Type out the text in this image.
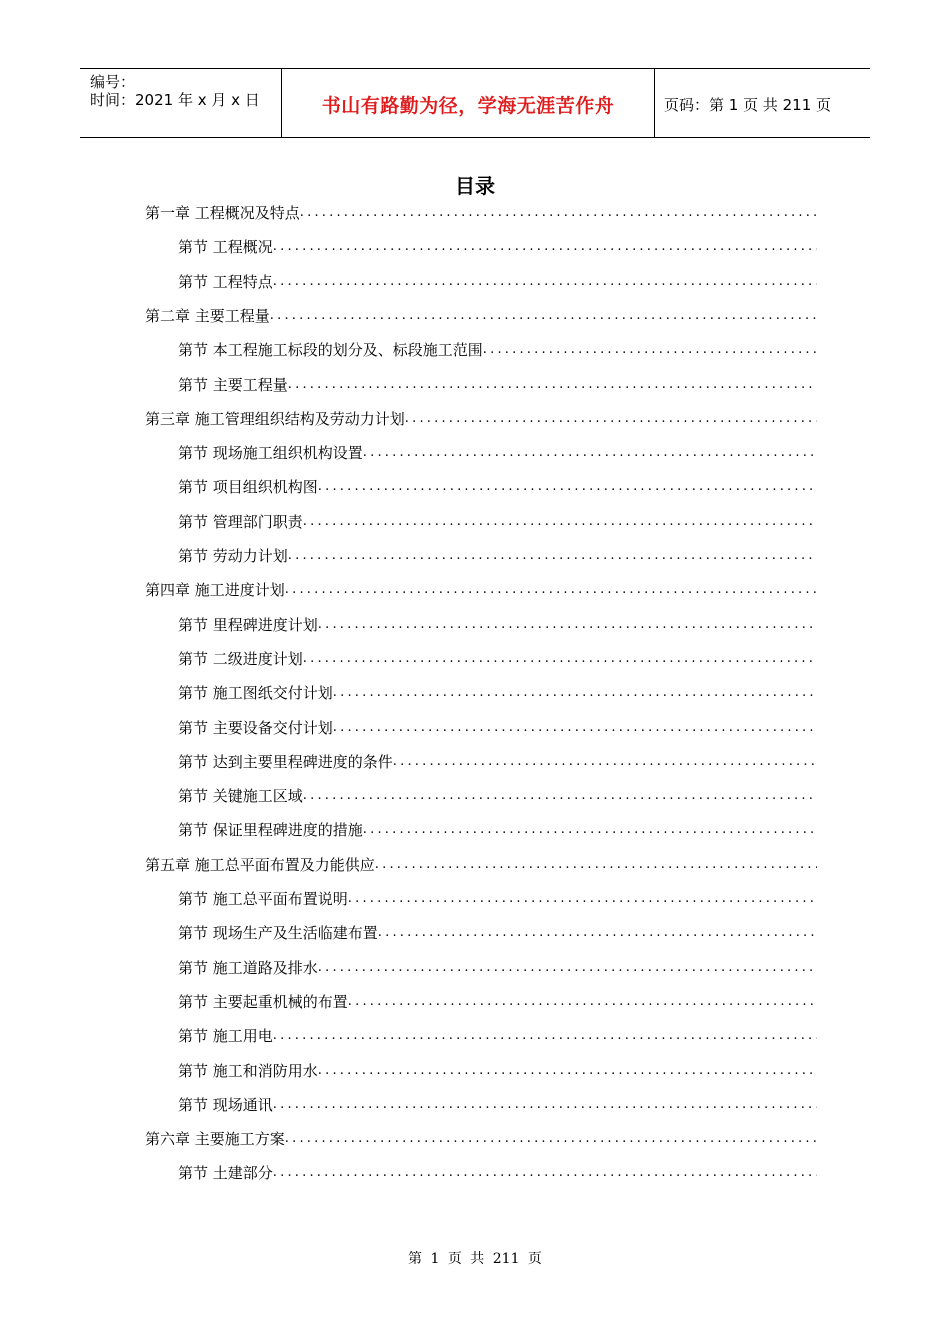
编号：
时间：2021 年 x 月 x 日	书山有路勤为径，学海无涯苦作舟	页码：第 1 页 共 211 页
目录
第一章 工程概况及特点
.....
第节 工程概况
.....
第节 工程特点
.....
第二章 主要工程量
.....
第节 本工程施工标段的划分及、标段施工范围
.....
第节 主要工程量
.....
第三章 施工管理组织结构及劳动力计划
.....
第节 现场施工组织机构设置
.....
第节 项目组织机构图
.....
第节 管理部门职责
.....
第节 劳动力计划
.....
第四章 施工进度计划
.....
第节 里程碑进度计划
.....
第节 二级进度计划
.....
第节 施工图纸交付计划
.....
第节 主要设备交付计划
.....
第节 达到主要里程碑进度的条件
.....
第节 关键施工区域
.....
第节 保证里程碑进度的措施
.....
第五章 施工总平面布置及力能供应
.....
第节 施工总平面布置说明
.....
第节 现场生产及生活临建布置
.....
第节 施工道路及排水
.....
第节 主要起重机械的布置
.....
第节 施工用电
.....
第节 施工和消防用水
.....
第节 现场通讯
.....
第六章 主要施工方案
.....
第节 土建部分
.....
第 1 页 共 211 页
